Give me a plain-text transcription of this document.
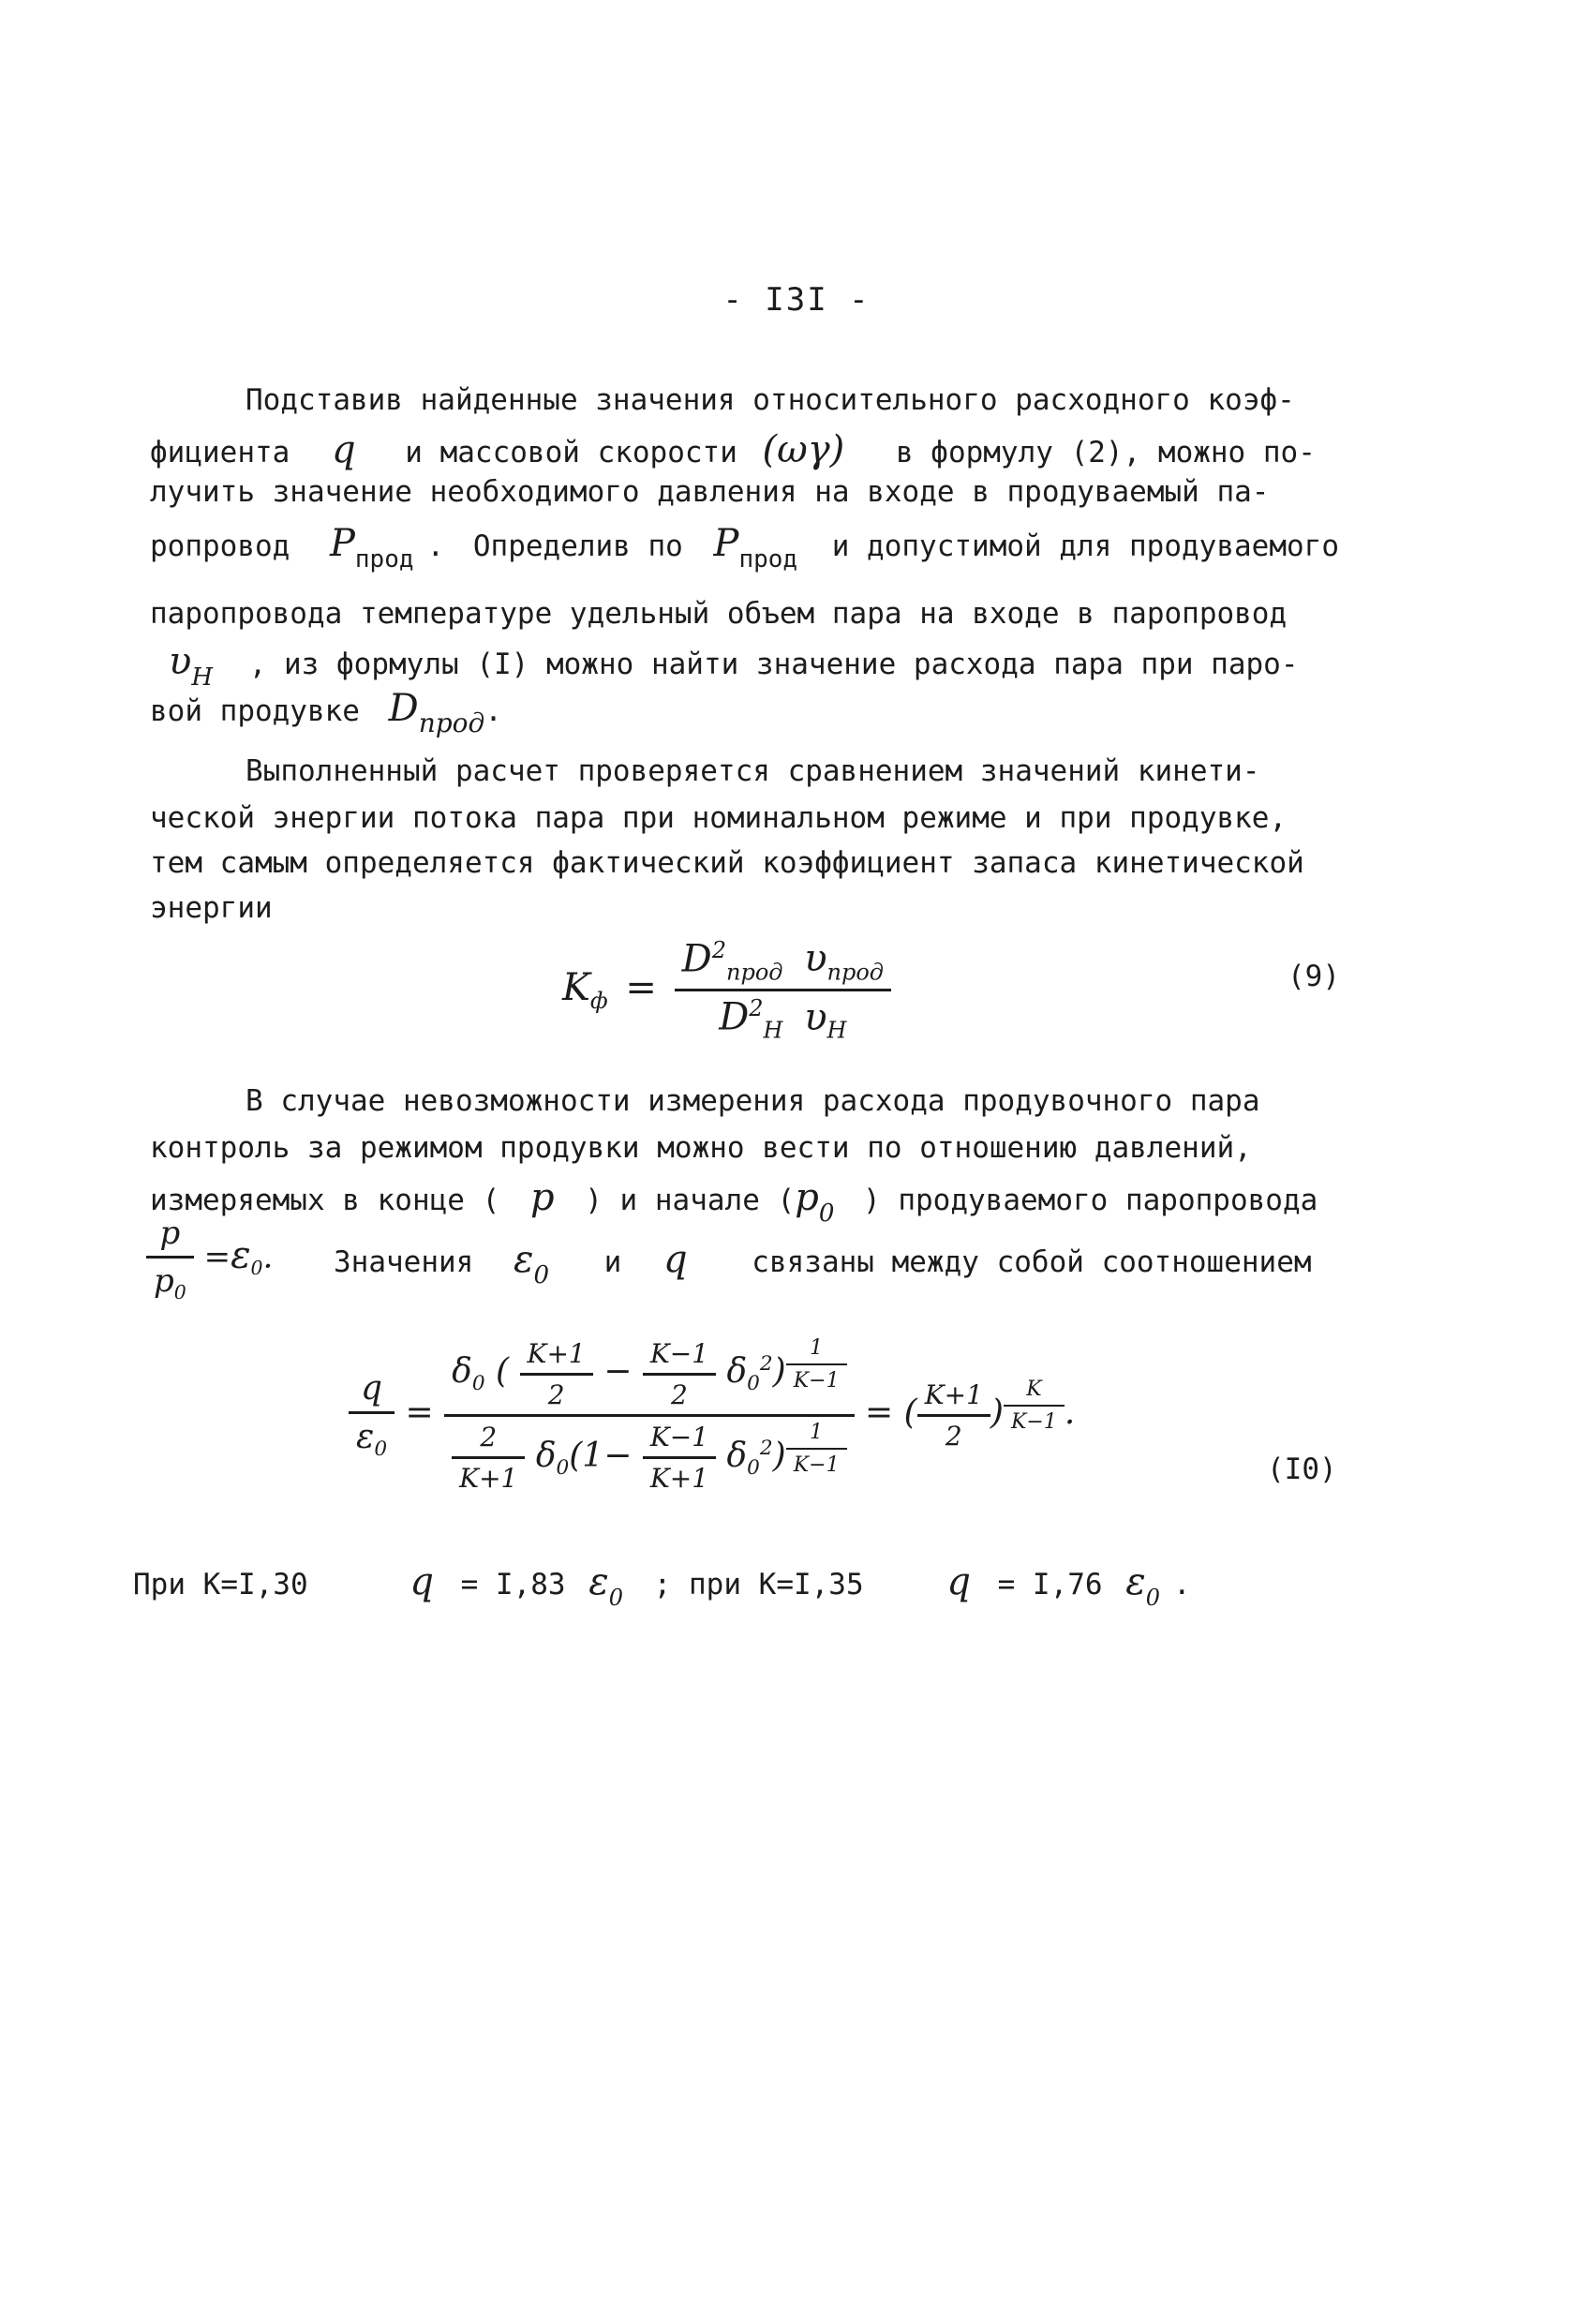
- I3I -
Подставив найденные значения относительного расходного коэф-
фициента q и массовой скорости (ωγ) в формулу (2), можно по-
лучить значение необходимого давления на входе в продуваемый па-
ропровод $P_{прод}$ . Определив по $P_{прод}$ и допустимой для продуваемого
паропровода температуре удельный объем пара на входе в паропровод
$\upsilon_Н$ , из формулы (I) можно найти значение расхода пара при паро-
вой продувке Dпрод.
Выполненный расчет проверяется сравнением значений кинети-
ческой энергии потока пара при номинальном режиме и при продувке,
тем самым определяется фактический коэффициент запаса кинетической
энергии
$K_ф = \frac{D^2_{прод} \upsilon_{прод}}{D^2_Н \upsilon_Н}$	(9)
В случае невозможности измерения расхода продувочного пара
контроль за режимом продувки можно вести по отношению давлений,
измеряемых в конце ( p ) и начале ($p_0$ ) продуваемого паропровода
$\frac{p}{p_0} =\varepsilon_0$. Значения $\varepsilon_0$ и q связаны между собой соотношением
$\frac{q}{\varepsilon_0}$ =
$\delta_0$ ( $\frac{K+1}{2} - \frac{K-1}{2} \delta_0^2$) $^{\frac{1}{K-1}}$
$\frac{2}{K+1} \delta_0(1- \frac{K-1}{K+1} \delta_0^2)$ $^{\frac{1}{K-1}}$
= ( $\frac{K+1}{2}$ ) $^{\frac{K}{K-1}}$ .
(I0)
При К=I,30	q = I,83 $\varepsilon_0$ ; при К=I,35 q = I,76 $\varepsilon_0$ .
